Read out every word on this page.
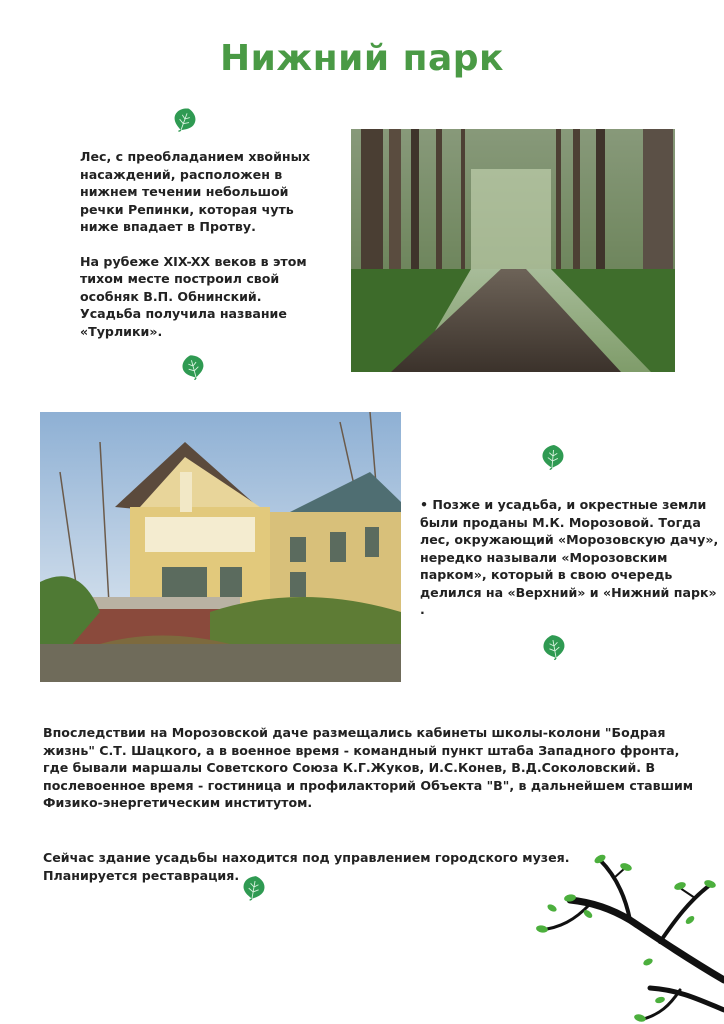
Нижний парк

Лес, с преобладанием хвойных насаждений, расположен в нижнем течении небольшой речки Репинки, которая чуть ниже впадает в Протву.

На рубеже XIX-XX веков в этом тихом месте построил свой особняк В.П. Обнинский. Усадьба получила название «Турлики».

• Позже и усадьба, и окрестные земли были проданы М.К. Морозовой. Тогда лес, окружающий «Морозовскую дачу», нередко называли «Морозовским парком», который в свою очередь делился на «Верхний» и «Нижний парк» .
Впоследствии на Морозовской даче размещались кабинеты школы-колони "Бодрая жизнь" С.Т. Шацкого, а в военное время - командный пункт штаба Западного фронта, где бывали маршалы Советского Союза К.Г.Жуков, И.С.Конев, В.Д.Соколовский. В послевоенное время - гостиница и профилакторий Объекта "В", в дальнейшем ставшим Физико-энергетическим институтом.

Сейчас здание усадьбы находится под управлением городского музея.

Планируется реставрация.
